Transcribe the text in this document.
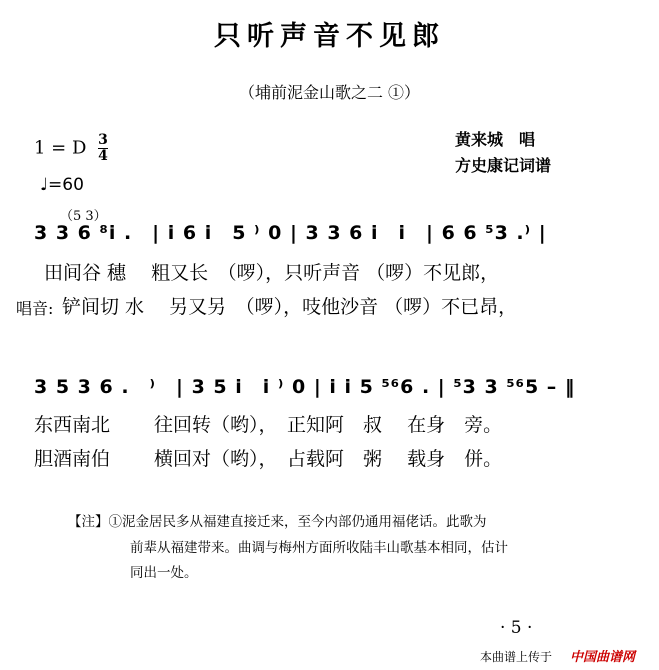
只听声音不见郎
（埔前泥金山歌之二 ①）
1 = D $\frac{3}{4}$
♩=60
黄来城　唱
方史康记词谱
（5 3）
3 3 6 ⁸i .　| i 6 i　5 ⁾ 0 | 3 3 6 i　i　| 6 6 ⁵3 .⁾ |
田间谷 穗　 粗又长　（啰），只听声音 （啰）不见郎，
唱音: 铲间切 水　 另又另　（啰），吱他沙音 （啰）不已昂，
3 5 3 6 .　⁾　| 3 5 i　i ⁾ 0 | i i 5 ⁵⁶6 . | ⁵3 3 ⁵⁶5 – ‖
东西南北　　 往回转（哟），　正知阿　叔　 在身　旁。
胆酒南伯　　 横回对（哟），　占载阿　粥　 载身　併。
【注】①泥金居民多从福建直接迁来，至今内部仍通用福佬话。此歌为
前辈从福建带来。曲调与梅州方面所收陆丰山歌基本相同，估计
同出一处。
· 5 ·
本曲谱上传于 中国曲谱网
